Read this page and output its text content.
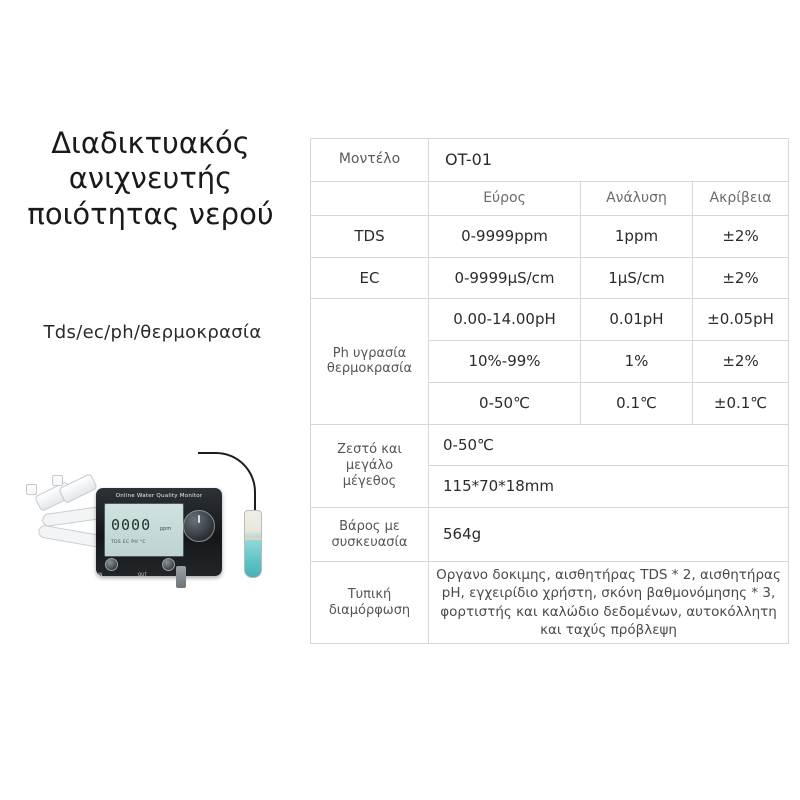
Διαδικτυακός ανιχνευτής ποιότητας νερού
Tds/ec/ph/θερμοκρασία
Online Water Quality Monitor
0000 ppm
TDS EC PH °C
IN	OUT
Μοντέλο	OT-01		

	Εύρος	Ανάλυση	Ακρίβεια

TDS	0-9999ppm	1ppm	±2%

EC	0-9999μS/cm	1μS/cm	±2%

Ph υγρασία θερμοκρασία	0.00-14.00pH	0.01pH	±0.05pH

	10%-99%	1%	±2%

	0-50℃	0.1℃	±0.1℃

Ζεστό και μεγάλο μέγεθος	0-50℃		

	115*70*18mm		

Βάρος με συσκευασία	564g		

Τυπική διαμόρφωση	Οργανο δοκιμης, αισθητήρας TDS * 2, αισθητήρας pH, εγχειρίδιο χρήστη, σκόνη βαθμονόμησης * 3, φορτιστής και καλώδιο δεδομένων, αυτοκόλλητη και ταχύς πρόβλεψη		
